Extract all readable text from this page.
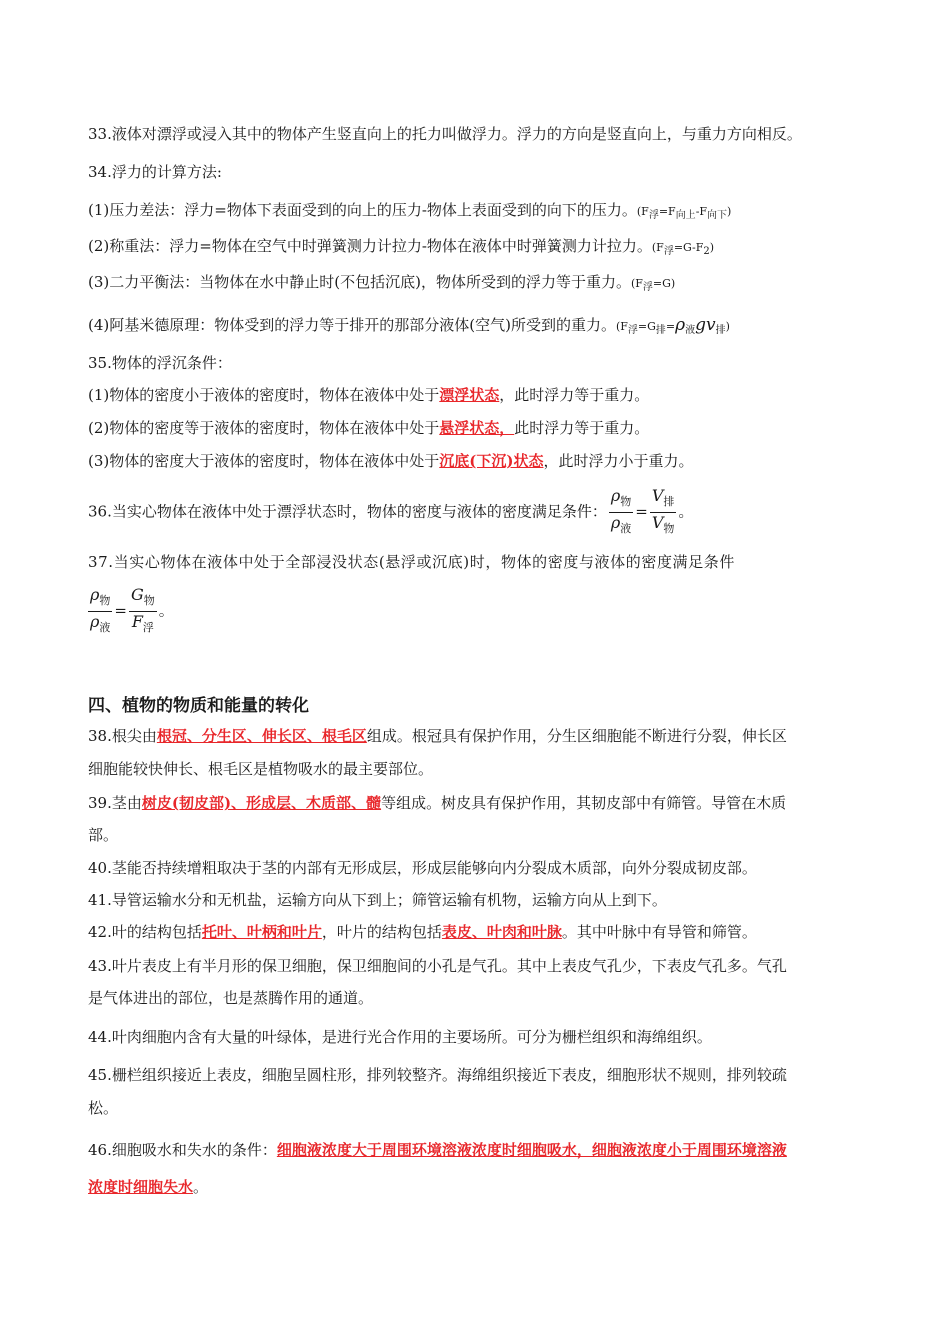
33.液体对漂浮或浸入其中的物体产生竖直向上的托力叫做浮力。浮力的方向是竖直向上，与重力方向相反。
34.浮力的计算方法:
(1)压力差法：浮力=物体下表面受到的向上的压力-物体上表面受到的向下的压力。(F浮=F向上-F向下)
(2)称重法：浮力=物体在空气中时弹簧测力计拉力-物体在液体中时弹簧测力计拉力。(F浮=G-F2)
(3)二力平衡法：当物体在水中静止时(不包括沉底)，物体所受到的浮力等于重力。(F浮=G)
(4)阿基米德原理：物体受到的浮力等于排开的那部分液体(空气)所受到的重力。(F浮=G排=ρ液gv排)
35.物体的浮沉条件：
(1)物体的密度小于液体的密度时，物体在液体中处于漂浮状态，此时浮力等于重力。
(2)物体的密度等于液体的密度时，物体在液体中处于悬浮状态，此时浮力等于重力。
(3)物体的密度大于液体的密度时，物体在液体中处于沉底(下沉)状态，此时浮力小于重力。
36.当实心物体在液体中处于漂浮状态时，物体的密度与液体的密度满足条件： $\frac{\rho_物}{\rho_液} = \frac{V_排}{V_物}$ 。
37.当实心物体在液体中处于全部浸没状态(悬浮或沉底)时，物体的密度与液体的密度满足条件
$\frac{\rho_物}{\rho_液} = \frac{G_物}{F_浮}$ 。
四、植物的物质和能量的转化
38.根尖由根冠、分生区、伸长区、根毛区组成。根冠具有保护作用，分生区细胞能不断进行分裂，伸长区
细胞能较快伸长、根毛区是植物吸水的最主要部位。
39.茎由树皮(韧皮部)、形成层、木质部、髓等组成。树皮具有保护作用，其韧皮部中有筛管。导管在木质
部。
40.茎能否持续增粗取决于茎的内部有无形成层，形成层能够向内分裂成木质部，向外分裂成韧皮部。
41.导管运输水分和无机盐，运输方向从下到上；筛管运输有机物，运输方向从上到下。
42.叶的结构包括托叶、叶柄和叶片，叶片的结构包括表皮、叶肉和叶脉。其中叶脉中有导管和筛管。
43.叶片表皮上有半月形的保卫细胞，保卫细胞间的小孔是气孔。其中上表皮气孔少，下表皮气孔多。气孔
是气体进出的部位，也是蒸腾作用的通道。
44.叶肉细胞内含有大量的叶绿体，是进行光合作用的主要场所。可分为栅栏组织和海绵组织。
45.栅栏组织接近上表皮，细胞呈圆柱形，排列较整齐。海绵组织接近下表皮，细胞形状不规则，排列较疏
松。
46.细胞吸水和失水的条件：细胞液浓度大于周围环境溶液浓度时细胞吸水，细胞液浓度小于周围环境溶液
浓度时细胞失水。
